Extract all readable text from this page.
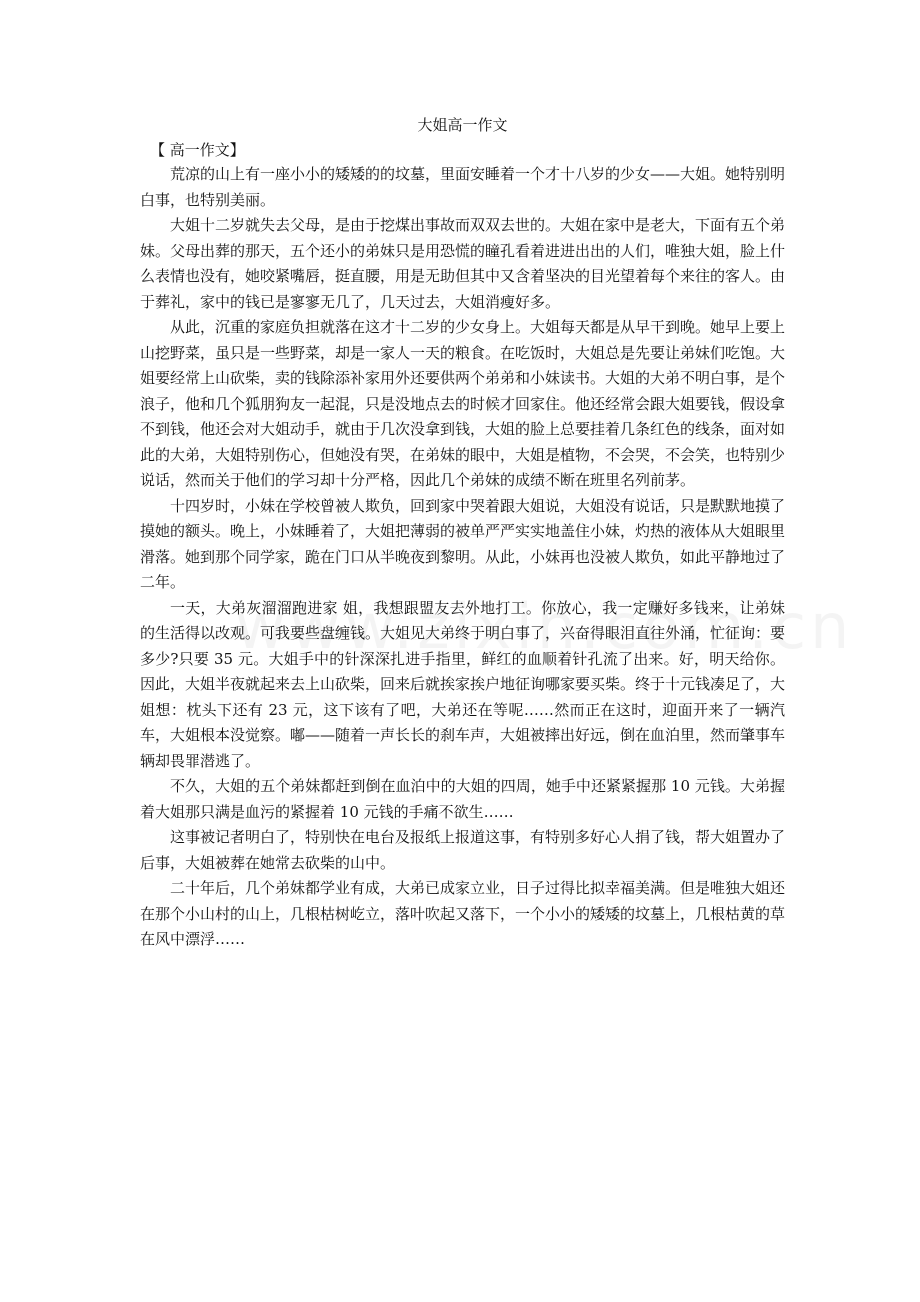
大姐高一作文

【 高一作文】

荒凉的山上有一座小小的矮矮的的坟墓，里面安睡着一个才十八岁的少女——大姐。她特别明白事，也特别美丽。

大姐十二岁就失去父母，是由于挖煤出事故而双双去世的。大姐在家中是老大，下面有五个弟妹。父母出葬的那天，五个还小的弟妹只是用恐慌的瞳孔看着进进出出的人们，唯独大姐，脸上什么表情也没有，她咬紧嘴唇，挺直腰，用是无助但其中又含着坚决的目光望着每个来往的客人。由于葬礼，家中的钱已是寥寥无几了，几天过去，大姐消瘦好多。

从此，沉重的家庭负担就落在这才十二岁的少女身上。大姐每天都是从早干到晚。她早上要上山挖野菜，虽只是一些野菜，却是一家人一天的粮食。在吃饭时，大姐总是先要让弟妹们吃饱。大姐要经常上山砍柴，卖的钱除添补家用外还要供两个弟弟和小妹读书。大姐的大弟不明白事，是个浪子，他和几个狐朋狗友一起混，只是没地点去的时候才回家住。他还经常会跟大姐要钱，假设拿不到钱，他还会对大姐动手，就由于几次没拿到钱，大姐的脸上总要挂着几条红色的线条，面对如此的大弟，大姐特别伤心，但她没有哭，在弟妹的眼中，大姐是植物，不会哭，不会笑，也特别少说话，然而关于他们的学习却十分严格，因此几个弟妹的成绩不断在班里名列前茅。

十四岁时，小妹在学校曾被人欺负，回到家中哭着跟大姐说，大姐没有说话，只是默默地摸了摸她的额头。晚上，小妹睡着了，大姐把薄弱的被单严严实实地盖住小妹，灼热的液体从大姐眼里滑落。她到那个同学家，跪在门口从半晚夜到黎明。从此，小妹再也没被人欺负，如此平静地过了二年。

一天，大弟灰溜溜跑进家 姐，我想跟盟友去外地打工。你放心，我一定赚好多钱来，让弟妹的生活得以改观。可我要些盘缠钱。大姐见大弟终于明白事了，兴奋得眼泪直往外涌，忙征询：要多少?只要 35 元。大姐手中的针深深扎进手指里，鲜红的血顺着针孔流了出来。好，明天给你。因此，大姐半夜就起来去上山砍柴，回来后就挨家挨户地征询哪家要买柴。终于十元钱凑足了，大姐想：枕头下还有 23 元，这下该有了吧，大弟还在等呢……然而正在这时，迎面开来了一辆汽车，大姐根本没觉察。嘟——随着一声长长的刹车声，大姐被摔出好远，倒在血泊里，然而肇事车辆却畏罪潜逃了。

不久，大姐的五个弟妹都赶到倒在血泊中的大姐的四周，她手中还紧紧握那 10 元钱。大弟握着大姐那只满是血污的紧握着 10 元钱的手痛不欲生……

这事被记者明白了，特别快在电台及报纸上报道这事，有特别多好心人捐了钱，帮大姐置办了后事，大姐被葬在她常去砍柴的山中。

二十年后，几个弟妹都学业有成，大弟已成家立业，日子过得比拟幸福美满。但是唯独大姐还在那个小山村的山上，几根枯树屹立，落叶吹起又落下，一个小小的矮矮的坟墓上，几根枯黄的草在风中漂浮……
